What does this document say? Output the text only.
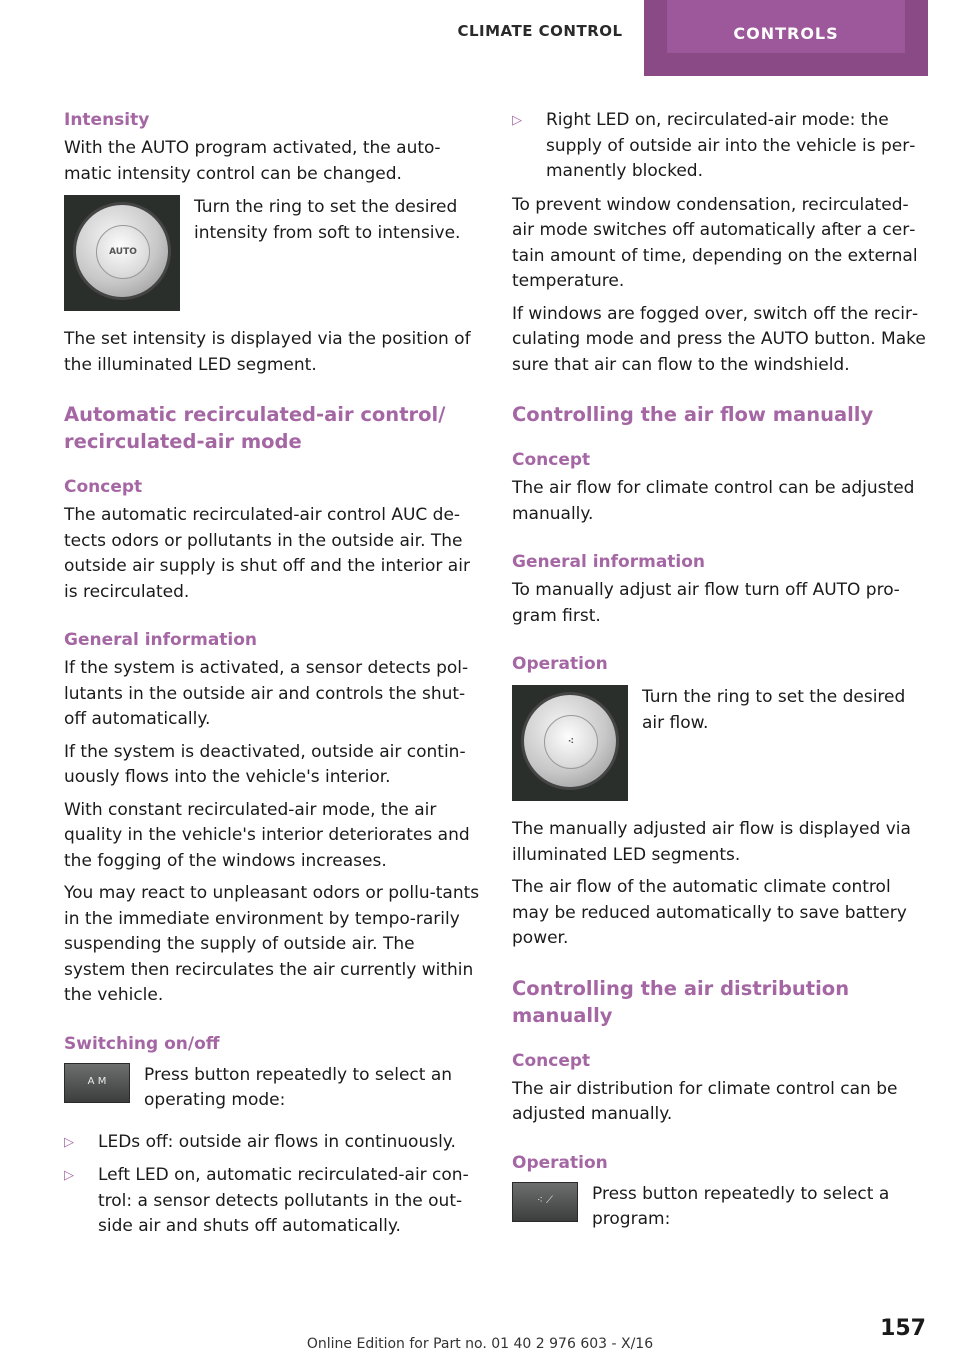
CLIMATE CONTROL	CONTROLS
Intensity

With the AUTO program activated, the auto‐matic intensity control can be changed.

AUTO

Turn the ring to set the desired intensity from soft to intensive.

The set intensity is displayed via the position of the illuminated LED segment.

Automatic recirculated-air control/ recirculated-air mode
Concept

The automatic recirculated-air control AUC de‐tects odors or pollutants in the outside air. The outside air supply is shut off and the interior air is recirculated.

General information

If the system is activated, a sensor detects pol‐lutants in the outside air and controls the shut‐off automatically.

If the system is deactivated, outside air contin‐uously flows into the vehicle's interior.

With constant recirculated-air mode, the air quality in the vehicle's interior deteriorates and the fogging of the windows increases.

You may react to unpleasant odors or pollu‐tants in the immediate environment by tempo‐rarily suspending the supply of outside air. The system then recirculates the air currently within the vehicle.

Switching on/off
A M	Press button repeatedly to select an operating mode:

▷	LEDs off: outside air flows in continuously.
▷	Left LED on, automatic recirculated-air con‐trol: a sensor detects pollutants in the out‐side air and shuts off automatically.
▷	Right LED on, recirculated-air mode: the supply of outside air into the vehicle is per‐manently blocked.

To prevent window condensation, recirculated-air mode switches off automatically after a cer‐tain amount of time, depending on the external temperature.

If windows are fogged over, switch off the recir‐culating mode and press the AUTO button. Make sure that air can flow to the windshield.

Controlling the air flow manually
Concept

The air flow for climate control can be adjusted manually.

General information

To manually adjust air flow turn off AUTO pro‐gram first.

Operation
⁖

Turn the ring to set the desired air flow.

The manually adjusted air flow is displayed via illuminated LED segments.

The air flow of the automatic climate control may be reduced automatically to save battery power.

Controlling the air distribution manually
Concept

The air distribution for climate control can be adjusted manually.

Operation
⁖ ⟋	Press button repeatedly to select a program:

157
Online Edition for Part no. 01 40 2 976 603 - X/16
